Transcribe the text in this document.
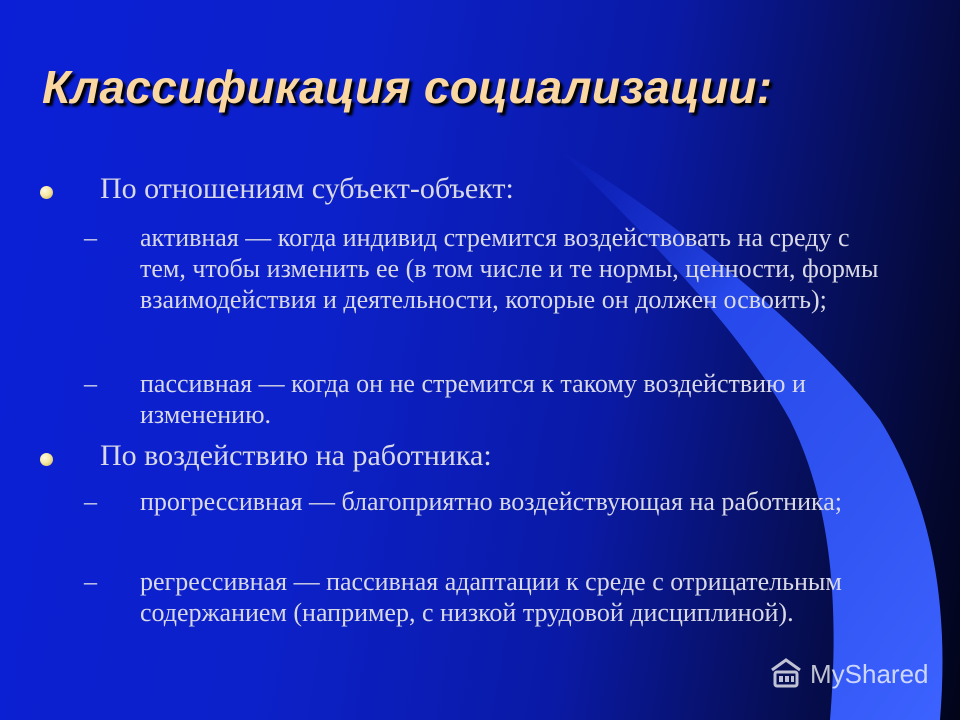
Классификация социализации:
По отношениям субъект-объект:
– активная — когда индивид стремится воздействовать на среду с тем, чтобы изменить ее (в том числе и те нормы, ценности, формы взаимодействия и деятельности, которые он должен освоить);
– пассивная — когда он не стремится к такому воздействию и изменению.
По воздействию на работника:
– прогрессивная — благоприятно воздействующая на работника;
– регрессивная — пассивная адаптации к среде с отрицательным содержанием (например, с низкой трудовой дисциплиной).
MyShared
